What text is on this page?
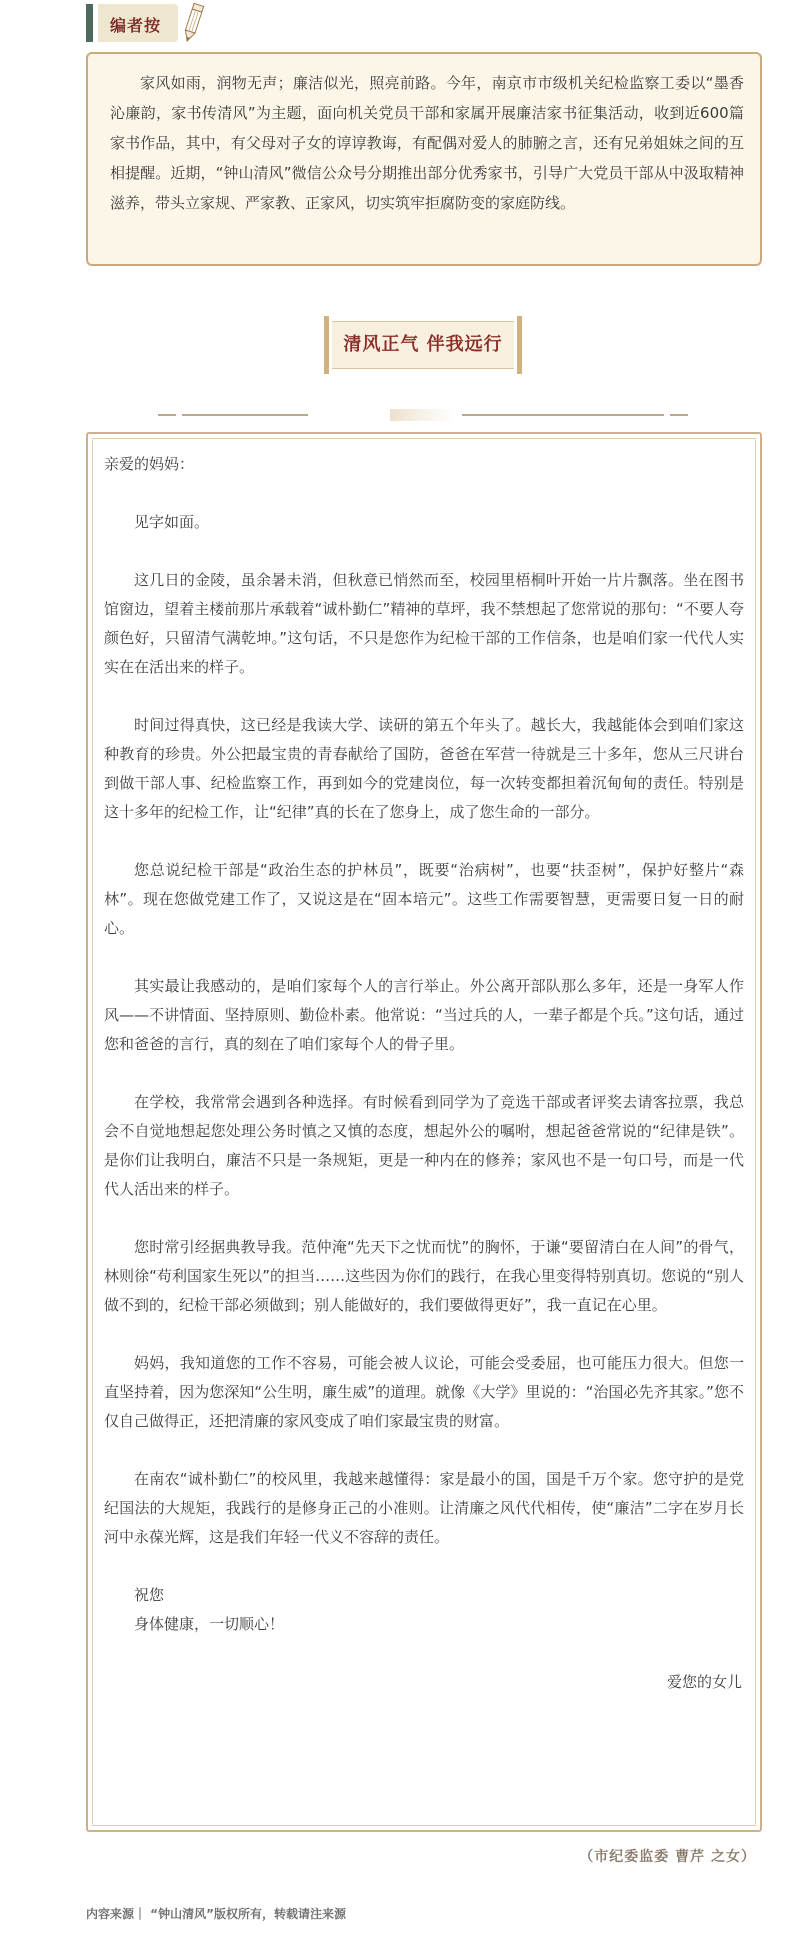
编者按

家风如雨，润物无声；廉洁似光，照亮前路。今年，南京市市级机关纪检监察工委以“墨香沁廉韵，家书传清风”为主题，面向机关党员干部和家属开展廉洁家书征集活动，收到近600篇家书作品，其中，有父母对子女的谆谆教诲，有配偶对爱人的肺腑之言，还有兄弟姐妹之间的互相提醒。近期，“钟山清风”微信公众号分期推出部分优秀家书，引导广大党员干部从中汲取精神滋养，带头立家规、严家教、正家风，切实筑牢拒腐防变的家庭防线。

清风正气 伴我远行

亲爱的妈妈：

见字如面。

这几日的金陵，虽余暑未消，但秋意已悄然而至，校园里梧桐叶开始一片片飘落。坐在图书馆窗边，望着主楼前那片承载着“诚朴勤仁”精神的草坪，我不禁想起了您常说的那句：“不要人夸颜色好，只留清气满乾坤。”这句话，不只是您作为纪检干部的工作信条，也是咱们家一代代人实实在在活出来的样子。

时间过得真快，这已经是我读大学、读研的第五个年头了。越长大，我越能体会到咱们家这种教育的珍贵。外公把最宝贵的青春献给了国防，爸爸在军营一待就是三十多年，您从三尺讲台到做干部人事、纪检监察工作，再到如今的党建岗位，每一次转变都担着沉甸甸的责任。特别是这十多年的纪检工作，让“纪律”真的长在了您身上，成了您生命的一部分。

您总说纪检干部是“政治生态的护林员”，既要“治病树”，也要“扶歪树”，保护好整片“森林”。现在您做党建工作了，又说这是在“固本培元”。这些工作需要智慧，更需要日复一日的耐心。

其实最让我感动的，是咱们家每个人的言行举止。外公离开部队那么多年，还是一身军人作风——不讲情面、坚持原则、勤俭朴素。他常说：“当过兵的人，一辈子都是个兵。”这句话，通过您和爸爸的言行，真的刻在了咱们家每个人的骨子里。

在学校，我常常会遇到各种选择。有时候看到同学为了竞选干部或者评奖去请客拉票，我总会不自觉地想起您处理公务时慎之又慎的态度，想起外公的嘱咐，想起爸爸常说的“纪律是铁”。是你们让我明白，廉洁不只是一条规矩，更是一种内在的修养；家风也不是一句口号，而是一代代人活出来的样子。

您时常引经据典教导我。范仲淹“先天下之忧而忧”的胸怀，于谦“要留清白在人间”的骨气，林则徐“苟利国家生死以”的担当……这些因为你们的践行，在我心里变得特别真切。您说的“别人做不到的，纪检干部必须做到；别人能做好的，我们要做得更好”，我一直记在心里。

妈妈，我知道您的工作不容易，可能会被人议论，可能会受委屈，也可能压力很大。但您一直坚持着，因为您深知“公生明，廉生威”的道理。就像《大学》里说的：“治国必先齐其家。”您不仅自己做得正，还把清廉的家风变成了咱们家最宝贵的财富。

在南农“诚朴勤仁”的校风里，我越来越懂得：家是最小的国，国是千万个家。您守护的是党纪国法的大规矩，我践行的是修身正己的小准则。让清廉之风代代相传，使“廉洁”二字在岁月长河中永葆光辉，这是我们年轻一代义不容辞的责任。

祝您

身体健康，一切顺心！

爱您的女儿

（市纪委监委 曹芹 之女）
内容来源｜ “钟山清风”版权所有，转载请注来源
